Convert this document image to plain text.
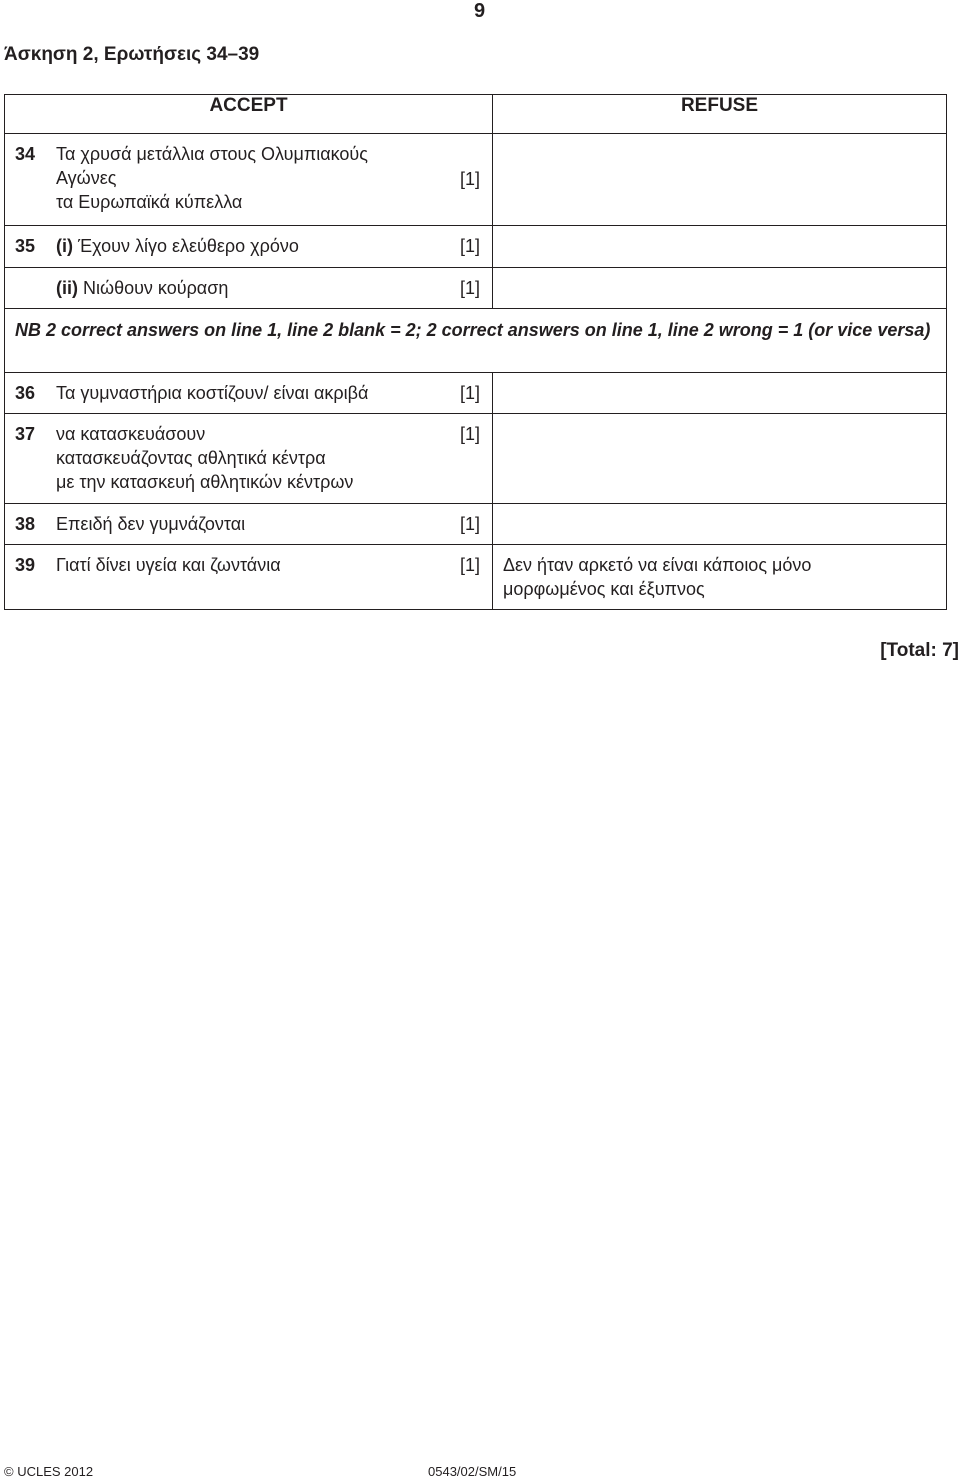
9
Άσκηση 2, Ερωτήσεις 34–39
ACCEPT	REFUSE

34 Τα χρυσά μετάλλια στους Ολυμπιακούς
Αγώνες
τα Ευρωπαϊκά κύπελλα
[1]	

35 (i) Έχουν λίγο ελεύθερο χρόνο [1]	

(ii) Νιώθουν κούραση [1]	

NB 2 correct answers on line 1, line 2 blank = 2; 2 correct answers on line 1, line 2 wrong = 1 (or vice versa)	

36 Τα γυμναστήρια κοστίζουν/ είναι ακριβά [1]	

37 να κατασκευάσουν
κατασκευάζοντας αθλητικά κέντρα
με την κατασκευή αθλητικών κέντρων
[1]	

38 Επειδή δεν γυμνάζονται [1]	

39 Γιατί δίνει υγεία και ζωντάνια [1]	Δεν ήταν αρκετό να είναι κάποιος μόνο
μορφωμένος και έξυπνος
[Total: 7]
© UCLES 2012	0543/02/SM/15
